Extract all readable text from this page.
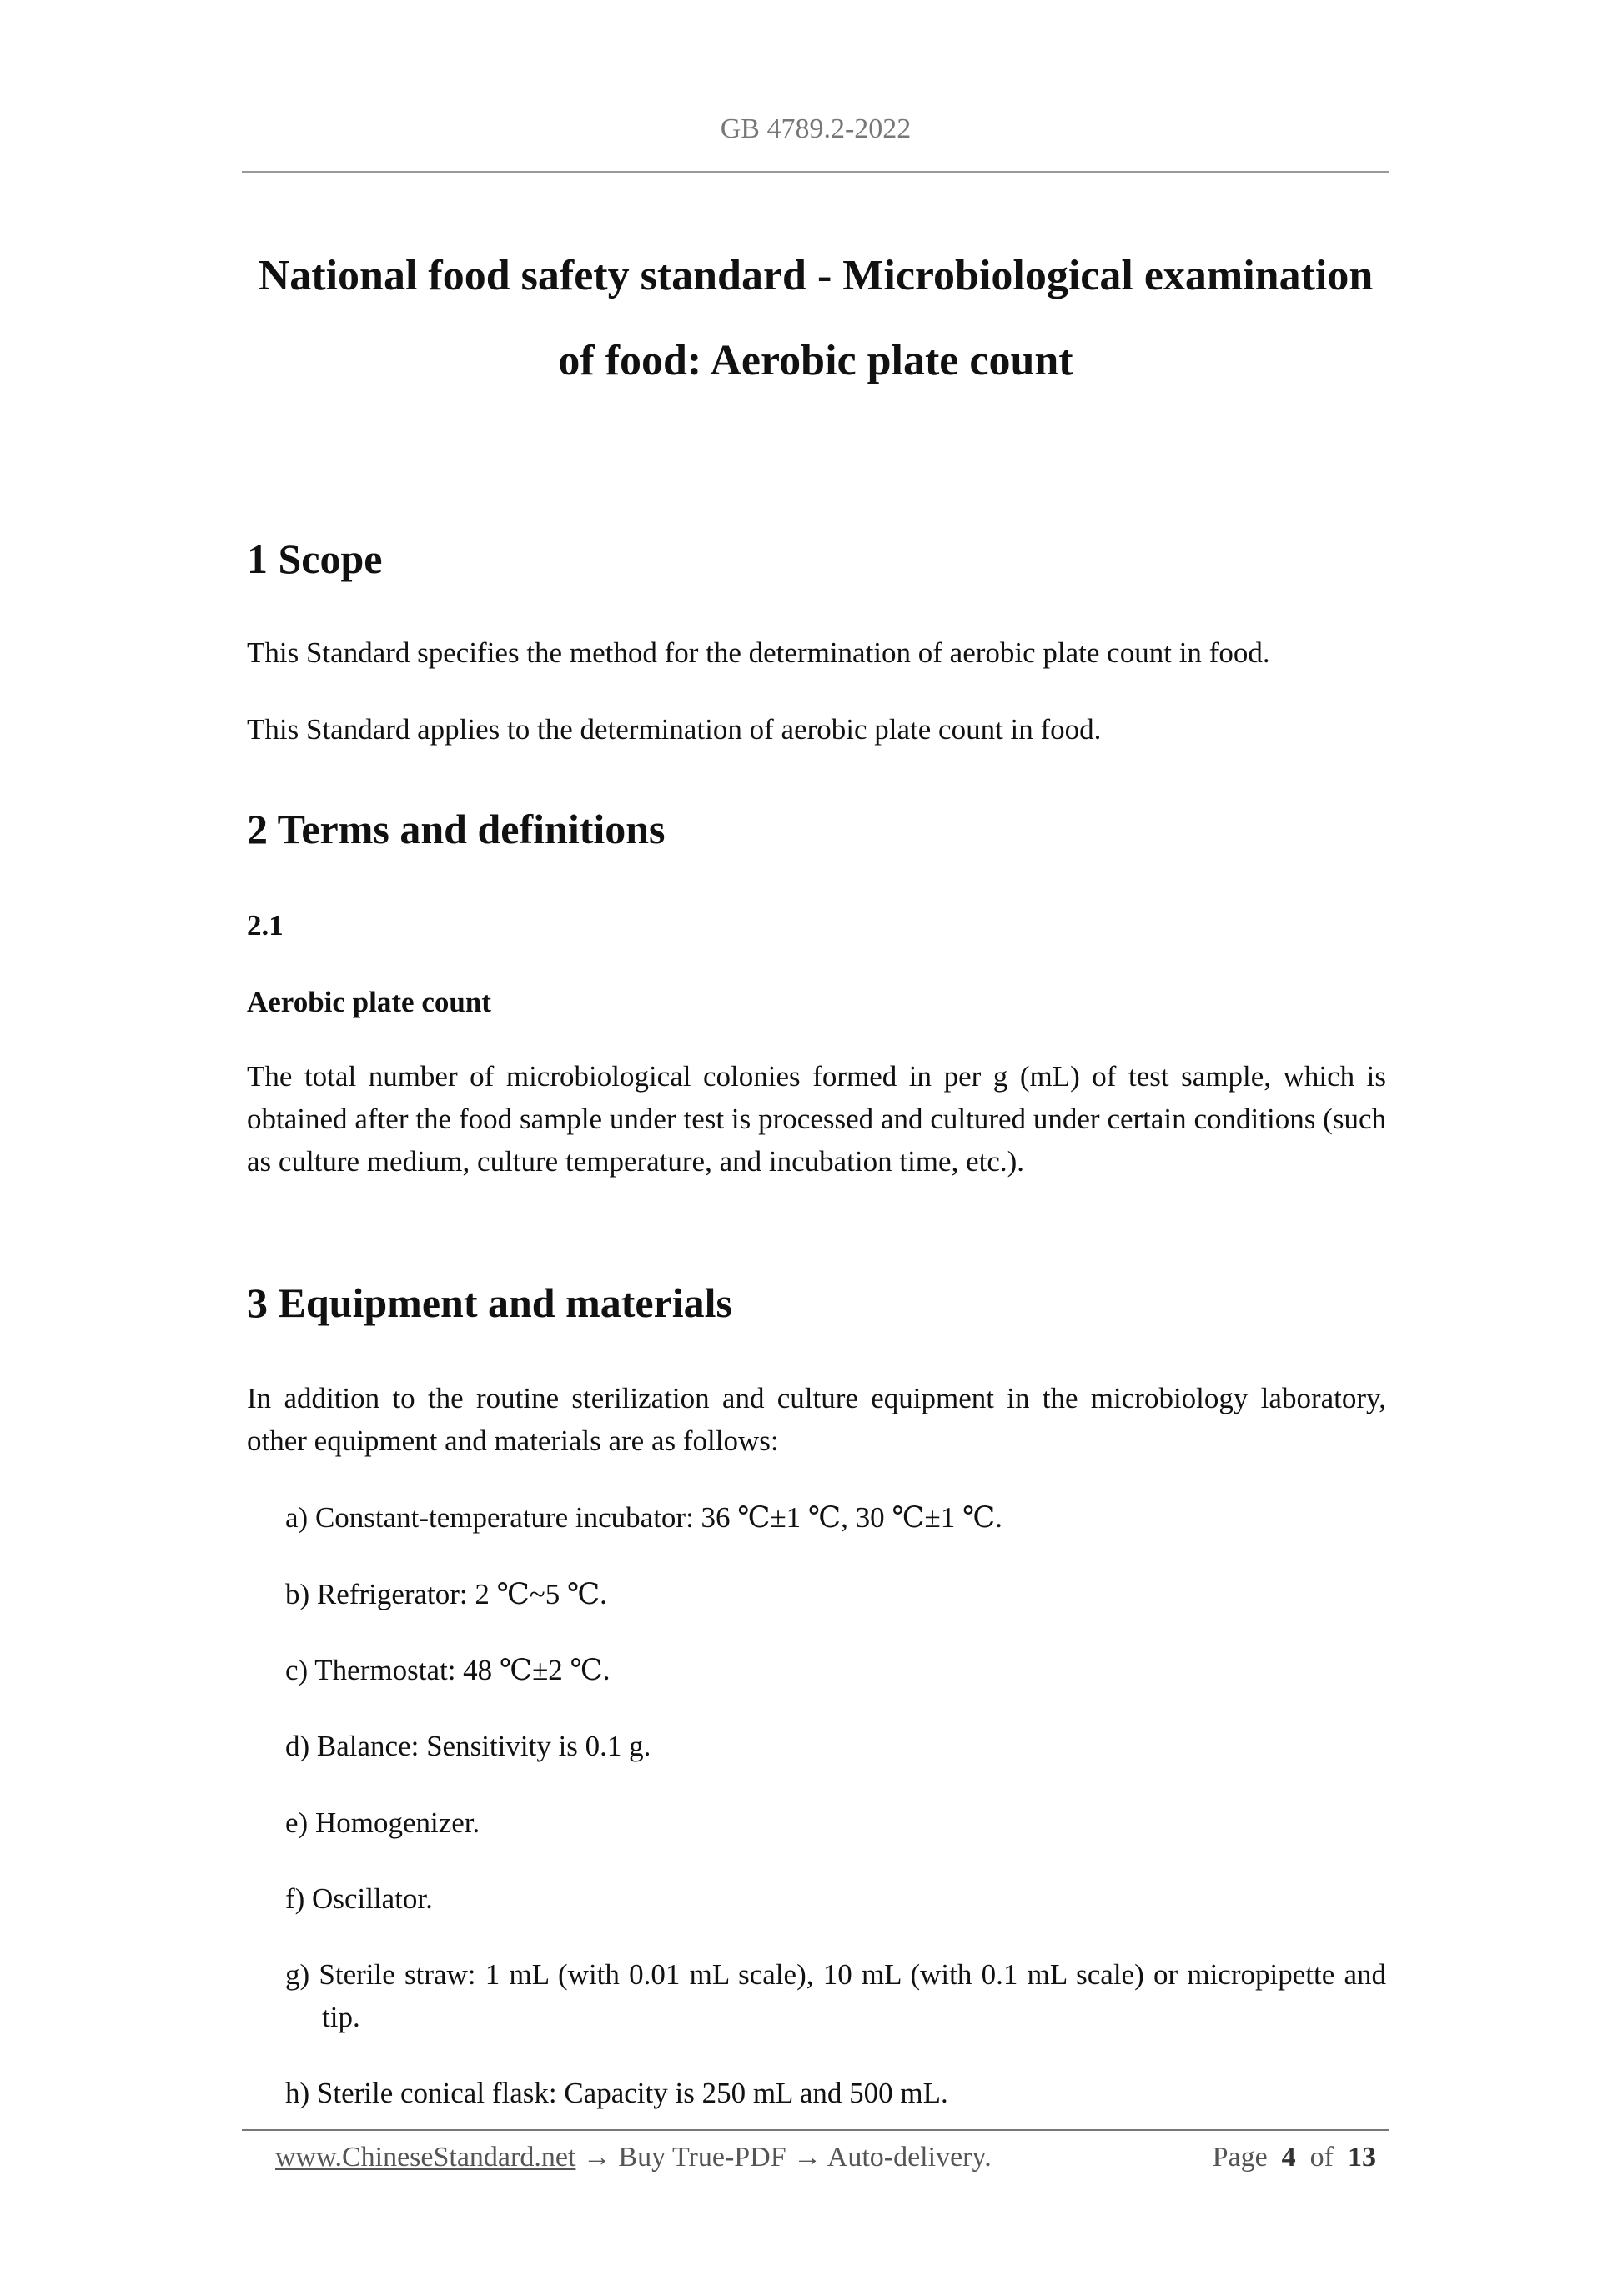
GB 4789.2-2022
National food safety standard - Microbiological examination
of food: Aerobic plate count
1 Scope

This Standard specifies the method for the determination of aerobic plate count in food.

This Standard applies to the determination of aerobic plate count in food.

2 Terms and definitions

2.1

Aerobic plate count

The total number of microbiological colonies formed in per g (mL) of test sample, which is obtained after the food sample under test is processed and cultured under certain conditions (such as culture medium, culture temperature, and incubation time, etc.).

3 Equipment and materials

In addition to the routine sterilization and culture equipment in the microbiology laboratory, other equipment and materials are as follows:

a) Constant-temperature incubator: 36 ℃±1 ℃, 30 ℃±1 ℃.

b) Refrigerator: 2 ℃~5 ℃.

c) Thermostat: 48 ℃±2 ℃.

d) Balance: Sensitivity is 0.1 g.

e) Homogenizer.

f) Oscillator.

g) Sterile straw: 1 mL (with 0.01 mL scale), 10 mL (with 0.1 mL scale) or micropipette and tip.

h) Sterile conical flask: Capacity is 250 mL and 500 mL.

www.ChineseStandard.net → Buy True-PDF → Auto-delivery.	Page 4 of 13
